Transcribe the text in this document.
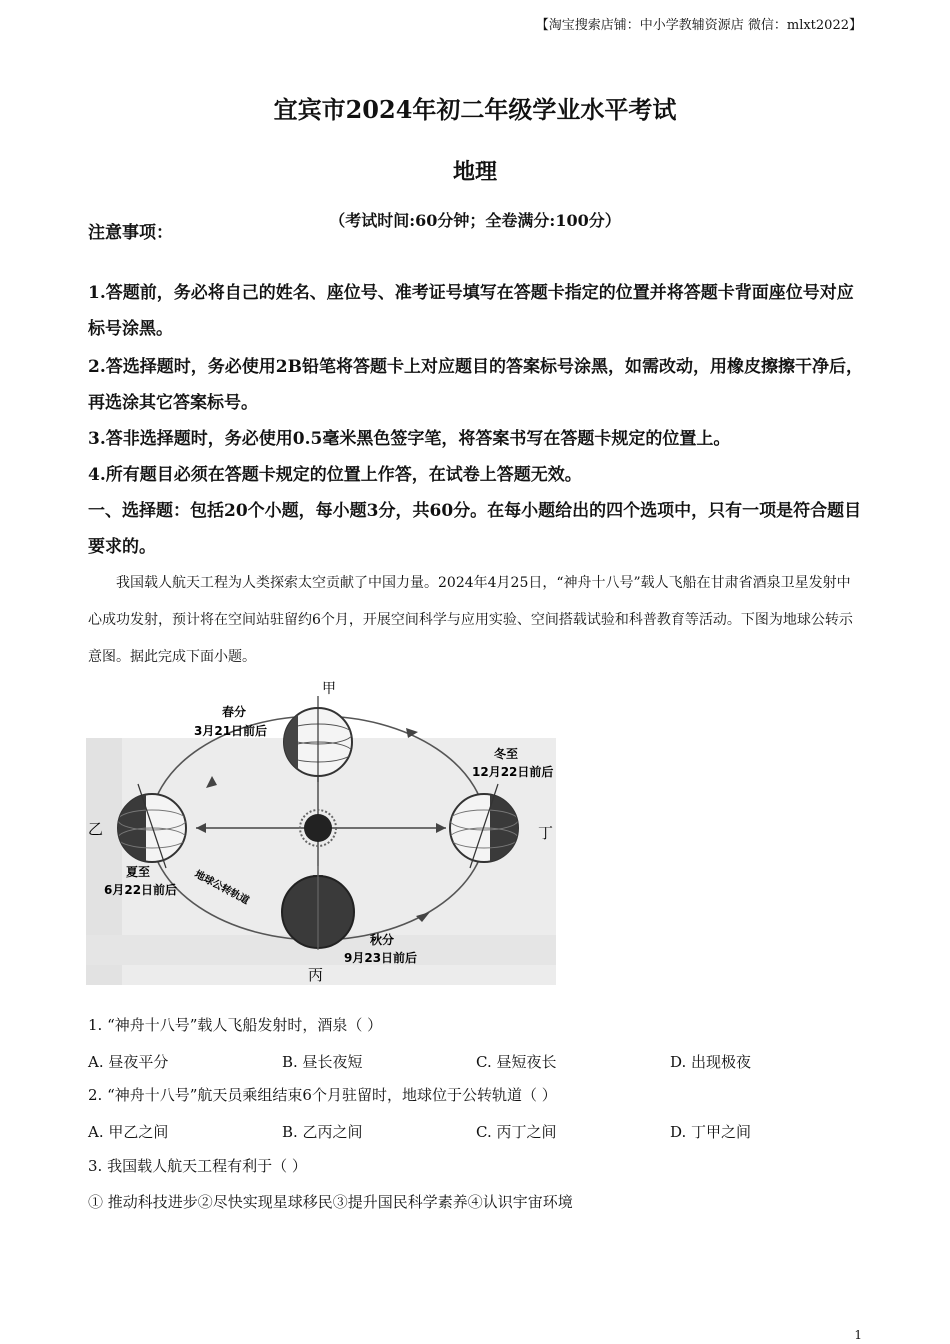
【淘宝搜索店铺：中小学教辅资源店 微信：mlxt2022】
宜宾市2024年初二年级学业水平考试
地理
（考试时间:60分钟；全卷满分:100分）
注意事项：
1.答题前，务必将自己的姓名、座位号、准考证号填写在答题卡指定的位置并将答题卡背面座位号对应标号涂黑。
2.答选择题时，务必使用2B铅笔将答题卡上对应题目的答案标号涂黑，如需改动，用橡皮擦擦干净后，再选涂其它答案标号。
3.答非选择题时，务必使用0.5毫米黑色签字笔，将答案书写在答题卡规定的位置上。
4.所有题目必须在答题卡规定的位置上作答，在试卷上答题无效。
一、选择题：包括20个小题，每小题3分，共60分。在每小题给出的四个选项中，只有一项是符合题目要求的。
我国载人航天工程为人类探索太空贡献了中国力量。2024年4月25日，“神舟十八号”载人飞船在甘肃省酒泉卫星发射中心成功发射，预计将在空间站驻留约6个月，开展空间科学与应用实验、空间搭载试验和科普教育等活动。下图为地球公转示意图。据此完成下面小题。
甲
乙	丁
丙
春分
3月21日前后
冬至
12月22日前后
夏至
6月22日前后
秋分
9月23日前后
地球公转轨道
1. “神舟十八号”载人飞船发射时，酒泉（ ）
A. 昼夜平分	B. 昼长夜短	C. 昼短夜长	D. 出现极夜
2. “神舟十八号”航天员乘组结束6个月驻留时，地球位于公转轨道（ ）
A. 甲乙之间	B. 乙丙之间	C. 丙丁之间	D. 丁甲之间
3. 我国载人航天工程有利于（ ）
① 推动科技进步②尽快实现星球移民③提升国民科学素养④认识宇宙环境
1
